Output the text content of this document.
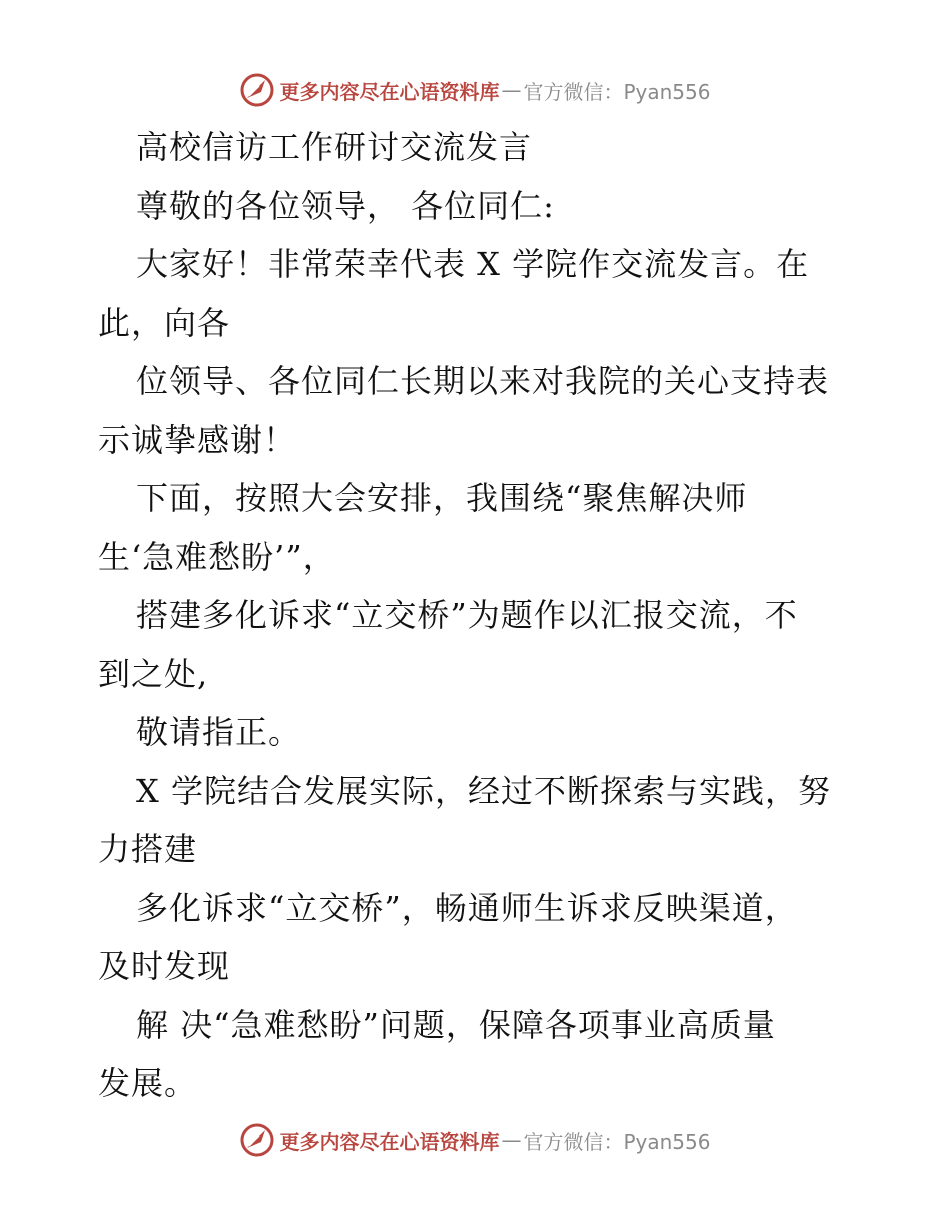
更多内容尽在心语资料库 — 官方微信：Pyan556
高校信访工作研讨交流发言
尊敬的各位领导， 各位同仁:
大家好！非常荣幸代表 X 学院作交流发言。在
此，向各
位领导、各位同仁长期以来对我院的关心支持表
示诚挚感谢！
下面，按照大会安排，我围绕“聚焦解决师
生‘急难愁盼’”，
搭建多化诉求“立交桥”为题作以汇报交流，不
到之处,
敬请指正。
X 学院结合发展实际，经过不断探索与实践，努
力搭建
多化诉求“立交桥”，畅通师生诉求反映渠道，
及时发现
解 决“急难愁盼”问题，保障各项事业高质量
发展。
更多内容尽在心语资料库 — 官方微信：Pyan556
